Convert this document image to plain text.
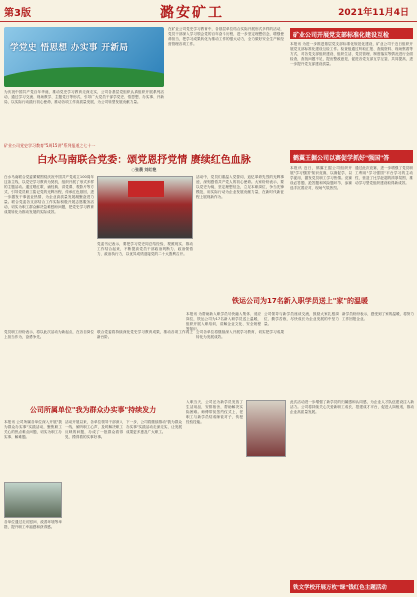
第3版	潞安矿工	2021年11月4日
学党史 悟思想 办实事 开新局
为庆祝中国共产党百年华诞，推动党史学习教育走深走实，公司各基层党组织认真组织开展系列活动，通过学习交流、现场教学、主题党日等形式，引导广大党员干部学党史、悟思想、办实事、开新局，以实际行动践行初心使命，推动各项工作高质量发展，为公司转型发展贡献力量。
在矿业公司党史学习教育中，各基层单位结合实际开展形式多样的活动，党员干部深入学习领会党的百年奋斗历程，进一步坚定理想信念，增强使命担当，把学习成果转化为推动工作的强大动力，全力做好安全生产和经营管理各项工作。
矿业公司开展党支部标准化建设互检
本报讯 为进一步推进基层党支部标准化规范化建设，矿业公司于近日组织开展党支部标准化建设互检工作。检查组通过听取汇报、查阅资料、现场察看等方式，对各党支部组织建设、组织生活、党员管理、制度落实等情况进行全面检查，查找问题不足，提出整改意见，促进各党支部互学互鉴、共同提高，进一步提升党支部建设质量。
矿业公司党史学习教育"5周15讲"系列报道之七十一
白水马南联合党委：颂党恩抒党情 赓续红色血脉
○张晨 刘红艳
白水马南联合党委紧紧围绕庆祝中国共产党成立100周年这条主线，以党史学习教育为契机，组织开展了形式多样的主题活动。通过唱红歌、诵经典、讲党课、观影片等方式，引导党员职工铭记党的光辉历程，传承红色基因，进一步激发干事创业热情，为企业高质量发展凝聚奋进力量。联合党委各支部结合工作实际积极开展志愿服务活动，切实为职工群众解决急难愁盼问题，把党史学习教育成果转化为推动发展的实际成效。
党委书记表示，要把学习党史同总结经验、观照现实、推动工作结合起来，不断提高党员干部政治判断力、政治领悟力、政治执行力，以优异成绩迎接党的二十大胜利召开。
活动中，党员们重温入党誓词，追忆革命先烈的光辉事迹，深刻感悟共产党人的初心使命。大家纷纷表示，要以党史为镜，坚定理想信念，立足本职岗位，争当先锋模范，用实际行动为企业发展贡献力量，在新时代新征程上展现新作为。
鹤翼王掘公司以赛促学抓好"强国"答
本报讯 近日，鹤翼王掘公司组织开展"学习强国"知识竞赛，以赛促学，以学促用，激发党员职工学习热情。竞赛设必答题、抢答题和风险题环节，参赛选手沉着应对，现场气氛热烈。
通过此次竞赛，进一步增强了党员职工利用"学习强国"平台学习的主动性，营造了比学赶超的浓厚氛围，推动学习型党组织建设取得新成效。
党员职工纷纷表示，将以此次活动为新起点，在各自岗位上担当作为，奋勇争先。
联合党委将持续深化党史学习教育成果，推动各项工作再上新台阶。
公司各单位将继续深入开展学习教育，切实把学习成果转化为发展成效。
铁运公司为17名新入职学员送上"家"的温暖
本报讯 为帮助新入职学员尽快融入集体、适应岗位，铁运公司为17名新入职学员送上温暖，组织开展入职培训，讲解企业文化、安全规程等知识。
公司领导与新学员座谈交流，鼓励大家扎根岗位、勤学苦练，尽快成长为企业发展的中坚力量。
新学员纷纷表示，感受到了家的温暖，将努力工作回报企业。
入职当天，公司还为新学员发放了生活用品，安排宿舍，帮助解决实际困难。师傅带徒签约仪式上，老职工与新学员结成师徒对子，传授经验技能。
此次活动进一步增强了新学员的归属感和认同感，为企业人才队伍建设注入新活力。公司将持续关心关爱新职工成长，搭建成才平台，促进人岗相适，推动企业高质量发展。
公司所属单位"我为群众办实事"持续发力
本报讯 公司所属各单位深入开展"我为群众办实事"实践活动，聚焦职工关心的热点难点问题，切实为职工办实事、解难题。
各单位通过走访慰问、改善环境等举措，提升职工幸福感和获得感。
活动开展以来，各单位领导干部深入一线，倾听职工心声，及时解决职工反映的问题，办成了一批群众看得见、摸得着的实事好事。
下一步，公司将继续推动"我为群众办实事"实践活动走深走实，让发展成果更多惠及广大职工。
铁文学校开展万枚"绿"钱红色主题活动
